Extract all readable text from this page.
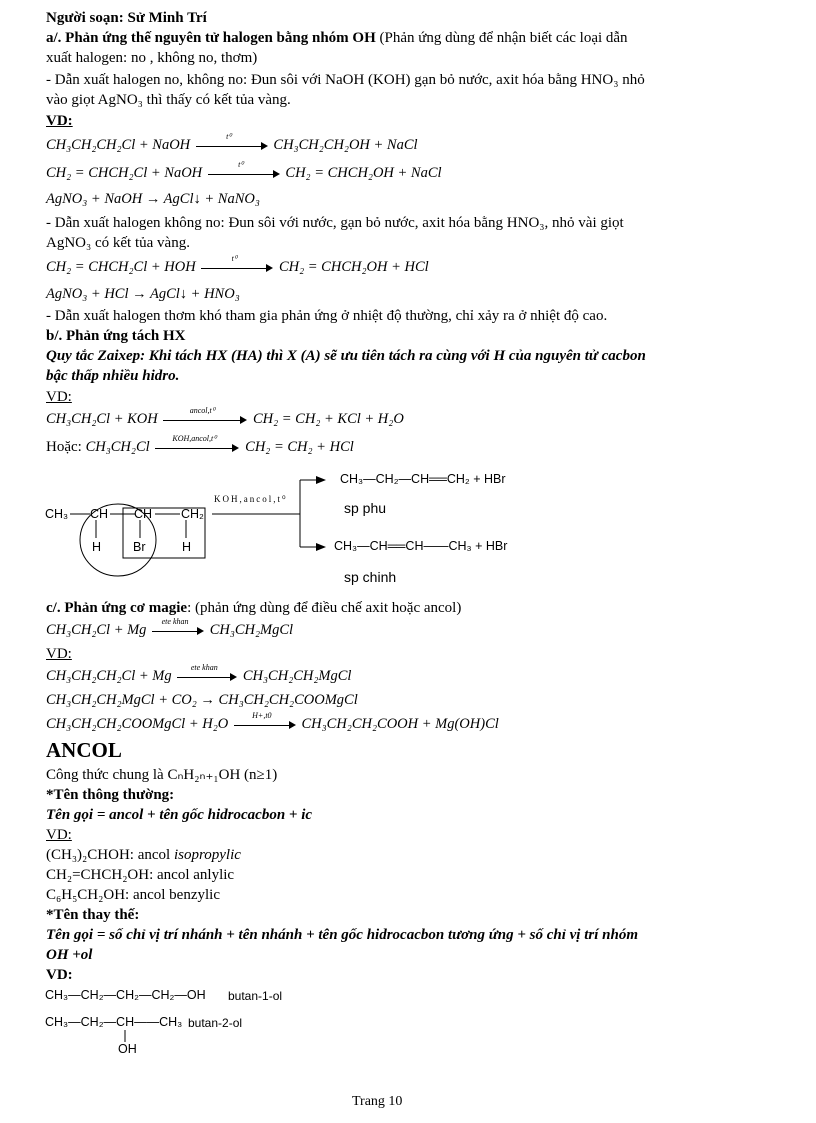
Người soạn: Sử Minh Trí
a/. Phản ứng thế nguyên tử halogen bằng nhóm OH (Phản ứng dùng để nhận biết các loại dẫn
xuất halogen: no , không no, thơm)
- Dẫn xuất halogen no, không no: Đun sôi với NaOH (KOH) gạn bỏ nước, axit hóa bằng HNO₃ nhỏ
vào giọt AgNO₃ thì thấy có kết tủa vàng.
VD:
CH₃CH₂CH₂Cl + NaOH
t⁰
CH₃CH₂CH₂OH + NaCl
CH₂ = CHCH₂Cl + NaOH
t⁰
CH₂ = CHCH₂OH + NaCl
AgNO₃ + NaOH → AgCl↓ + NaNO₃
- Dẫn xuất halogen không no: Đun sôi với nước, gạn bỏ nước, axit hóa bằng HNO₃, nhỏ vài giọt
AgNO₃ có kết tủa vàng.
CH₂ = CHCH₂Cl + HOH
t⁰
CH₂ = CHCH₂OH + HCl
AgNO₃ + HCl → AgCl↓ + HNO₃
- Dẫn xuất halogen thơm khó tham gia phản ứng ở nhiệt độ thường, chỉ xảy ra ở nhiệt độ cao.
b/. Phản ứng tách HX
Quy tắc Zaixep: Khi tách HX (HA) thì X (A) sẽ ưu tiên tách ra cùng với H của nguyên tử cacbon
bậc thấp nhiều hidro.
VD:
CH₃CH₂Cl + KOH
ancol,t⁰
CH₂ = CH₂ + KCl + H₂O
Hoặc: CH₃CH₂Cl
KOH,ancol,t⁰
CH₂ = CH₂ + HCl
CH₃ CH CH CH₂
H	Br	H
KOH,ancol,t⁰
CH₃—CH₂—CH══CH₂ + HBr
sp phu
CH₃—CH══CH——CH₃ + HBr
sp chinh
c/. Phản ứng cơ magie: (phản ứng dùng để điều chế axit hoặc ancol)
CH₃CH₂Cl + Mg
ete khan
CH₃CH₂MgCl
VD:
CH₃CH₂CH₂Cl + Mg
ete khan
CH₃CH₂CH₂MgCl
CH₃CH₂CH₂MgCl + CO₂ → CH₃CH₂CH₂COOMgCl
CH₃CH₂CH₂COOMgCl + H₂O
H+,t0
CH₃CH₂CH₂COOH + Mg(OH)Cl
ANCOL
Công thức chung là CₙH₂ₙ₊₁OH (n≥1)
*Tên thông thường:
Tên gọi = ancol + tên gốc hidrocacbon + ic
VD:
(CH₃)₂CHOH: ancol isopropylic
CH₂=CHCH₂OH: ancol anlylic
C₆H₅CH₂OH: ancol benzylic
*Tên thay thế:
Tên gọi = số chỉ vị trí nhánh + tên nhánh + tên gốc hidrocacbon tương ứng + số chỉ vị trí nhóm
OH +ol
VD:
CH₃—CH₂—CH₂—CH₂—OH butan-1-ol
CH₃—CH₂—CH——CH₃ butan-2-ol
OH
Trang 10
